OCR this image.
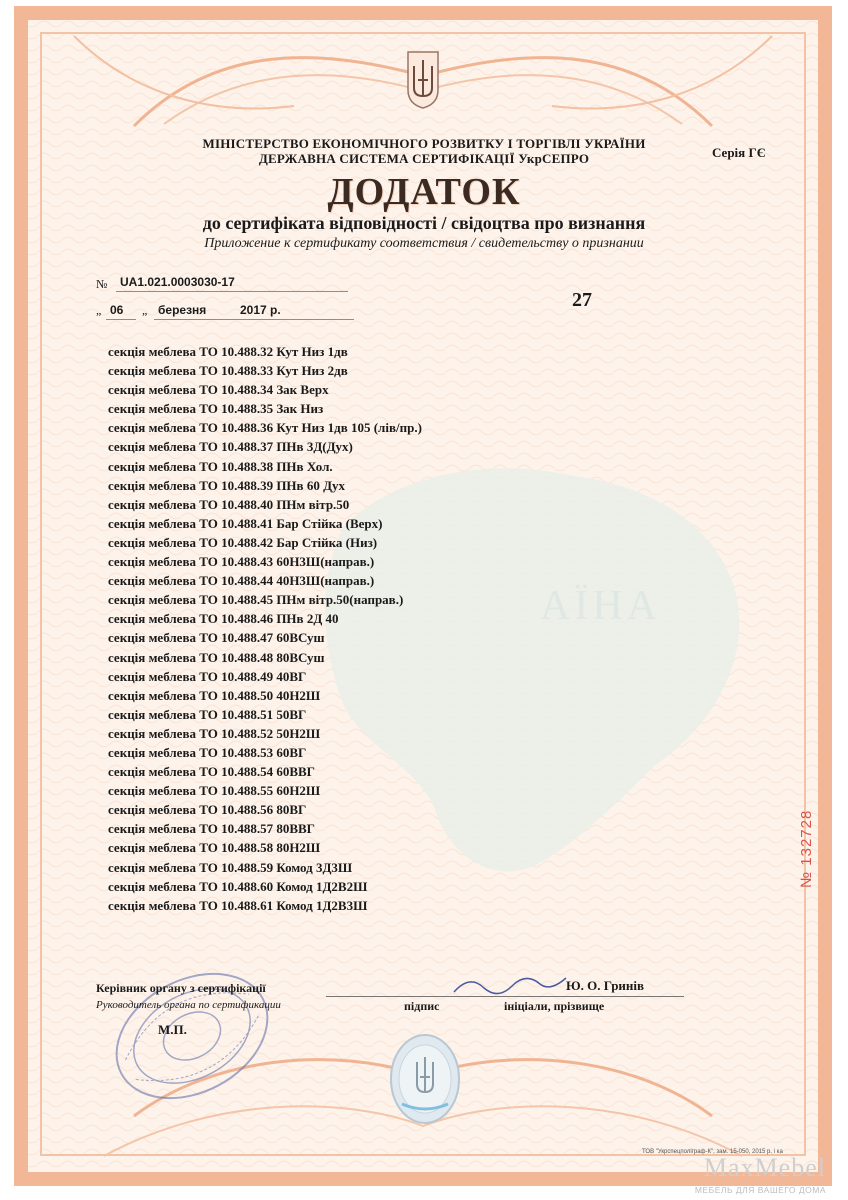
АЇНА
МІНІСТЕРСТВО ЕКОНОМІЧНОГО РОЗВИТКУ І ТОРГІВЛІ УКРАЇНИ
ДЕРЖАВНА СИСТЕМА СЕРТИФІКАЦІЇ УкрСЕПРО	Серія ГЄ
ДОДАТОК
до сертифіката відповідності / свідоцтва про визнання
Приложение к сертификату соответствия / свидетельству о признании
№ UA1.021.0003030-17
27
„ 06 „ березня	2017 р.
секція меблева ТО 10.488.32 Кут Низ 1дв
секція меблева ТО 10.488.33 Кут Низ 2дв
секція меблева ТО 10.488.34 Зак Верх
секція меблева ТО 10.488.35 Зак Низ
секція меблева ТО 10.488.36 Кут Низ 1дв 105 (лів/пр.)
секція меблева ТО 10.488.37 ПНв 3Д(Дух)
секція меблева ТО 10.488.38 ПНв Хол.
секція меблева ТО 10.488.39 ПНв 60 Дух
секція меблева ТО 10.488.40 ПНм вітр.50
секція меблева ТО 10.488.41 Бар Стійка (Верх)
секція меблева ТО 10.488.42 Бар Стійка (Низ)
секція меблева ТО 10.488.43 60Н3Ш(направ.)
секція меблева ТО 10.488.44 40Н3Ш(направ.)
секція меблева ТО 10.488.45 ПНм вітр.50(направ.)
секція меблева ТО 10.488.46 ПНв 2Д 40
секція меблева ТО 10.488.47 60ВСуш
секція меблева ТО 10.488.48 80ВСуш
секція меблева ТО 10.488.49 40ВГ
секція меблева ТО 10.488.50 40Н2Ш
секція меблева ТО 10.488.51 50ВГ
секція меблева ТО 10.488.52 50Н2Ш
секція меблева ТО 10.488.53 60ВГ
секція меблева ТО 10.488.54 60ВВГ
секція меблева ТО 10.488.55 60Н2Ш
секція меблева ТО 10.488.56 80ВГ
секція меблева ТО 10.488.57 80ВВГ
секція меблева ТО 10.488.58 80Н2Ш
секція меблева ТО 10.488.59 Комод 3Д3Ш
секція меблева ТО 10.488.60 Комод 1Д2В2Ш
секція меблева ТО 10.488.61 Комод 1Д2В3Ш
Керівник органу з сертифікації
Руководитель органа по сертификации
Ю. О. Гринів
підпис	ініціали, прізвище
М.П.
№ 132728
ТОВ "Укрспецполіграф-К", зам. 15-050, 2015 р. і ка
MaxMebel
МЕБЕЛЬ ДЛЯ ВАШЕГО ДОМА
